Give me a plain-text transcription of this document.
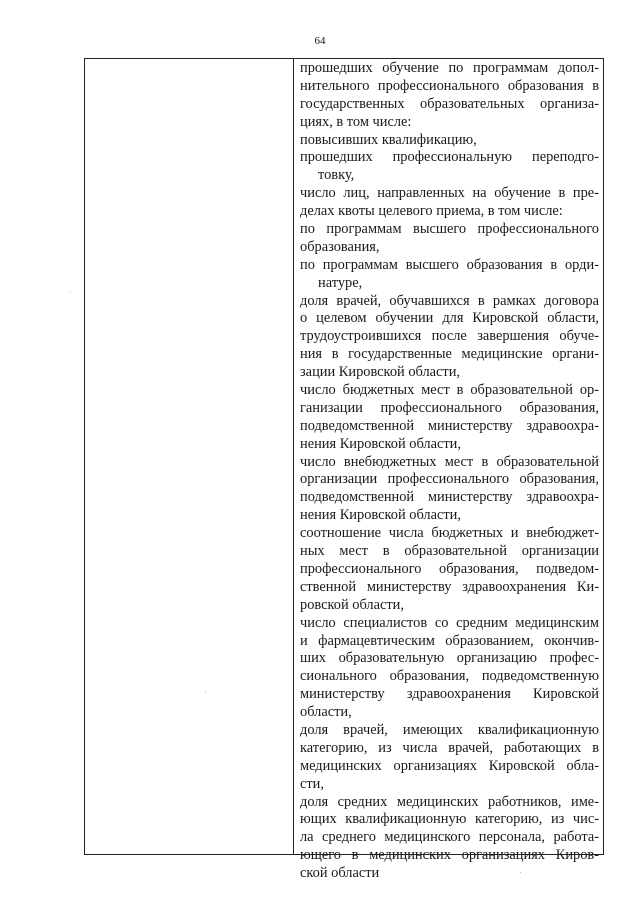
64
прошедших обучение по программам допол-
нительного профессионального образования в
государственных образовательных организа-
циях, в том числе:
повысивших квалификацию,
прошедших профессиональную переподго-
товку,
число лиц, направленных на обучение в пре-
делах квоты целевого приема, в том числе:
по программам высшего профессионального
образования,
по программам высшего образования в орди-
натуре,
доля врачей, обучавшихся в рамках договора
о целевом обучении для Кировской области,
трудоустроившихся после завершения обуче-
ния в государственные медицинские органи-
зации Кировской области,
число бюджетных мест в образовательной ор-
ганизации профессионального образования,
подведомственной министерству здравоохра-
нения Кировской области,
число внебюджетных мест в образовательной
организации профессионального образования,
подведомственной министерству здравоохра-
нения Кировской области,
соотношение числа бюджетных и внебюджет-
ных мест в образовательной организации
профессионального образования, подведом-
ственной министерству здравоохранения Ки-
ровской области,
число специалистов со средним медицинским
и фармацевтическим образованием, окончив-
ших образовательную организацию профес-
сионального образования, подведомственную
министерству здравоохранения Кировской
области,
доля врачей, имеющих квалификационную
категорию, из числа врачей, работающих в
медицинских организациях Кировской обла-
сти,
доля средних медицинских работников, име-
ющих квалификационную категорию, из чис-
ла среднего медицинского персонала, работа-
ющего в медицинских организациях Киров-
ской области
